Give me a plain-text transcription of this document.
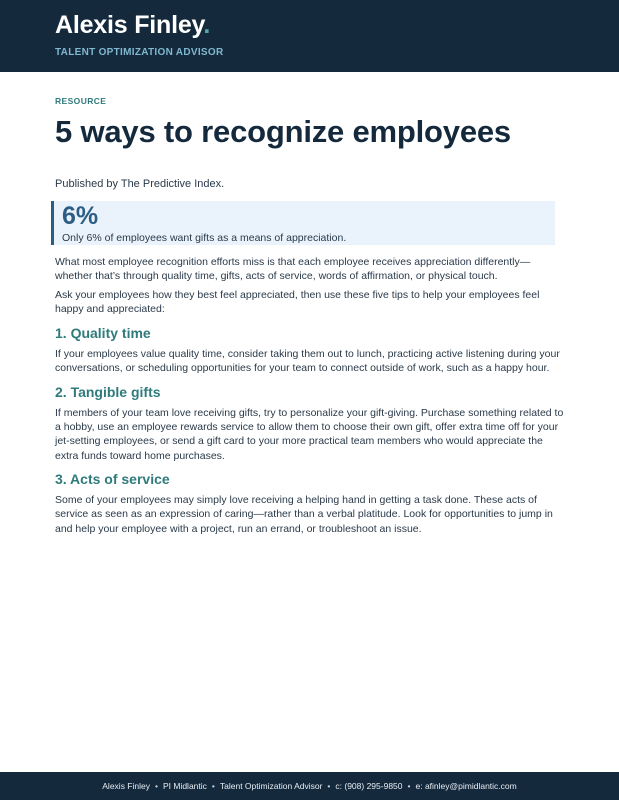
Alexis Finley.
TALENT OPTIMIZATION ADVISOR
RESOURCE
5 ways to recognize employees
Published by The Predictive Index.
6%
Only 6% of employees want gifts as a means of appreciation.

What most employee recognition efforts miss is that each employee receives appreciation differently—whether that’s through quality time, gifts, acts of service, words of affirmation, or physical touch.

Ask your employees how they best feel appreciated, then use these five tips to help your employees feel happy and appreciated:

1. Quality time

If your employees value quality time, consider taking them out to lunch, practicing active listening during your conversations, or scheduling opportunities for your team to connect outside of work, such as a happy hour.

2. Tangible gifts

If members of your team love receiving gifts, try to personalize your gift-giving. Purchase something related to a hobby, use an employee rewards service to allow them to choose their own gift, offer extra time off for your jet-setting employees, or send a gift card to your more practical team members who would appreciate the extra funds toward home purchases.

3. Acts of service

Some of your employees may simply love receiving a helping hand in getting a task done. These acts of service as seen as an expression of caring—rather than a verbal platitude. Look for opportunities to jump in and help your employee with a project, run an errand, or troubleshoot an issue.

Alexis Finley • PI Midlantic • Talent Optimization Advisor • c: (908) 295-9850 • e: afinley@pimidlantic.com
